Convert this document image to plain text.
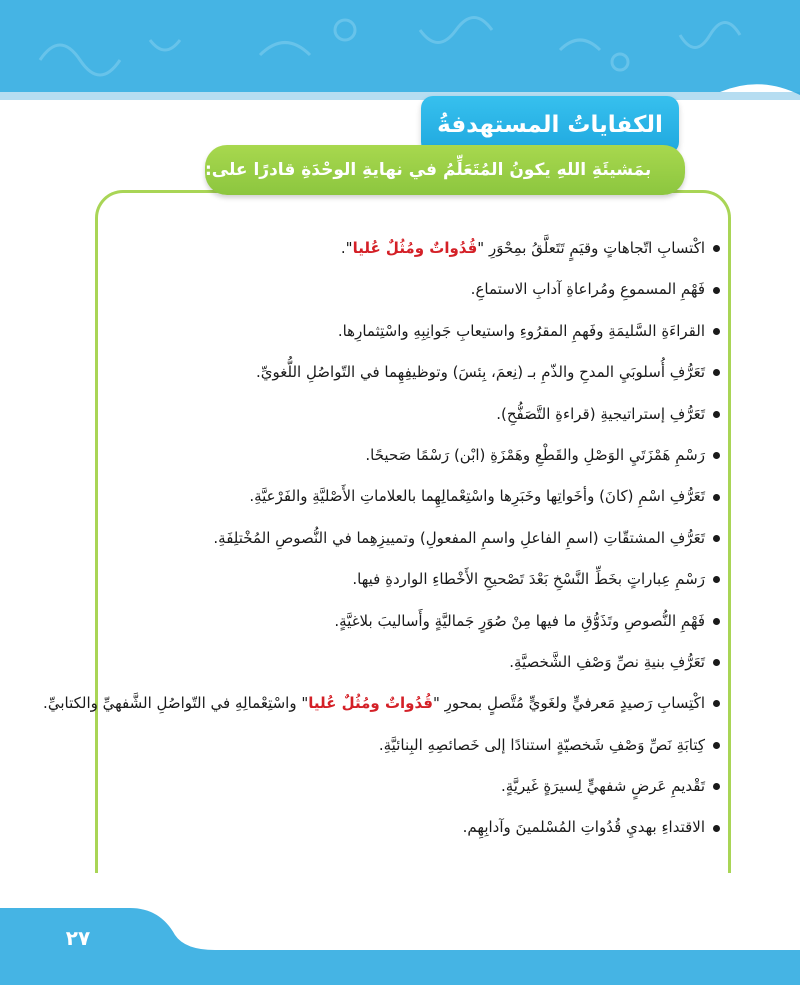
الكفاياتُ المستهدفةُ
بمَشيئَةِ اللهِ يكونُ المُتَعَلِّمُ في نهايةِ الوحْدَةِ قادرًا على:
اكْتسابِ اتّجاهاتٍ وقيَمٍ تَتَعلَّقُ بمِحْوَرِ "قُدُواتٌ ومُثُلٌ عُليا".
فَهْمِ المسموعِ ومُراعاةِ آدابِ الاستماعِ.
القراءَةِ السَّليمَةِ وفَهمِ المقرُوءِ واستيعابِ جَوانِبِهِ واسْتِثمارِها.
تَعَرُّفِ أُسلوبَيِ المدحِ والذّمِ بـ (نِعمَ، بِئسَ) وتوظيفِهِما في التّواصُلِ اللُّغويِّ.
تَعَرُّفِ إستراتيجيةِ (قراءةِ التَّصَفُّحِ).
رَسْمِ هَمْزَتَيِ الوَصْلِ والقَطْعِ وهَمْزَةِ (ابْن) رَسْمًا صَحيحًا.
تَعَرُّفِ اسْمِ (كانَ) وأخَواتِها وخَبَرِها واسْتِعْمالِهِما بالعلاماتِ الأَصْليَّةِ والفَرْعيَّةِ.
تَعَرُّفِ المشتقّاتِ (اسمِ الفاعلِ واسمِ المفعولِ) وتمييزِهِما في النُّصوصِ المُخْتلِفَةِ.
رَسْمِ عِباراتٍ بخَطِّ النَّسْخِ بَعْدَ تَصْحيحِ الأَخْطاءِ الواردةِ فيها.
فَهْمِ النُّصوصِ وتَذَوُّقِ ما فيها مِنْ صُوَرٍ جَماليَّةٍ وأَساليبَ بلاغيَّةٍ.
تَعَرُّفِ بنيةِ نصِّ وَصْفِ الشَّخصيَّةِ.
اكْتِسابِ رَصيدٍ مَعرفيٍّ ولغَويٍّ مُتَّصلٍ بمحورِ "قُدُواتٌ ومُثُلٌ عُليا" واسْتِعْمالِهِ في التّواصُلِ الشَّفهيِّ والكتابيِّ.
كِتابَةِ نَصِّ وَصْفِ شَخصيّةٍ استنادًا إلى خَصائصِهِ البِنائيَّةِ.
تَقْديمِ عَرضٍ شفهيٍّ لِسيرَةٍ غَيريَّةٍ.
الاقتداءِ بهديِ قُدُواتِ المُسْلمينَ وآدابِهِم.
٢٧
